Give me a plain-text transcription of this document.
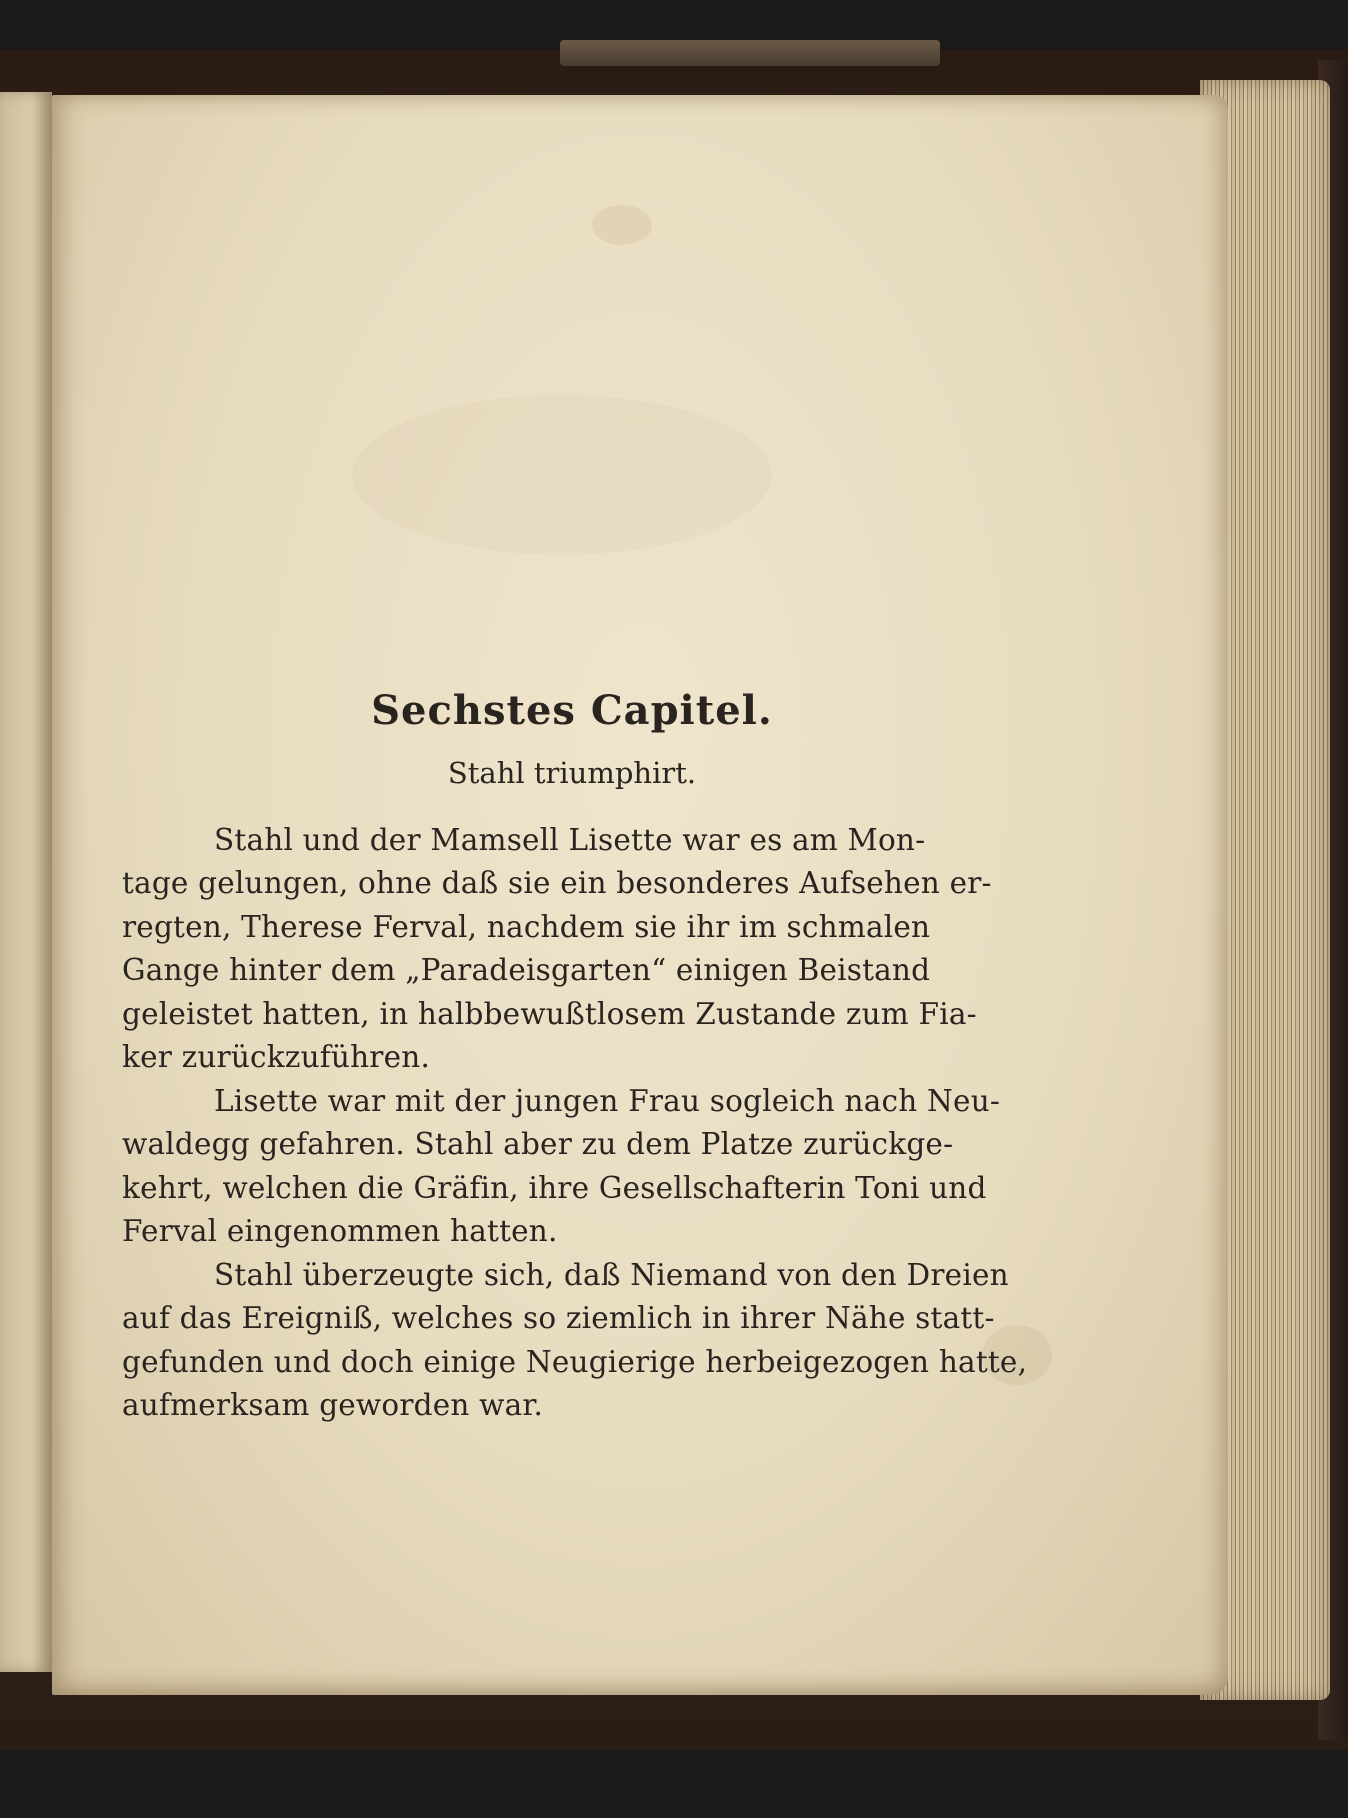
Sechstes Capitel.
Stahl triumphirt.

Stahl und der Mamsell Lisette war es am Mon-
tage gelungen, ohne daß sie ein besonderes Aufsehen er-
regten, Therese Ferval, nachdem sie ihr im schmalen
Gange hinter dem „Paradeisgarten“ einigen Beistand
geleistet hatten, in halbbewußtlosem Zustande zum Fia-
ker zurückzuführen.

Lisette war mit der jungen Frau sogleich nach Neu-
waldegg gefahren. Stahl aber zu dem Platze zurückge-
kehrt, welchen die Gräfin, ihre Gesellschafterin Toni und
Ferval eingenommen hatten.

Stahl überzeugte sich, daß Niemand von den Dreien
auf das Ereigniß, welches so ziemlich in ihrer Nähe statt-
gefunden und doch einige Neugierige herbeigezogen hatte,
aufmerksam geworden war.
